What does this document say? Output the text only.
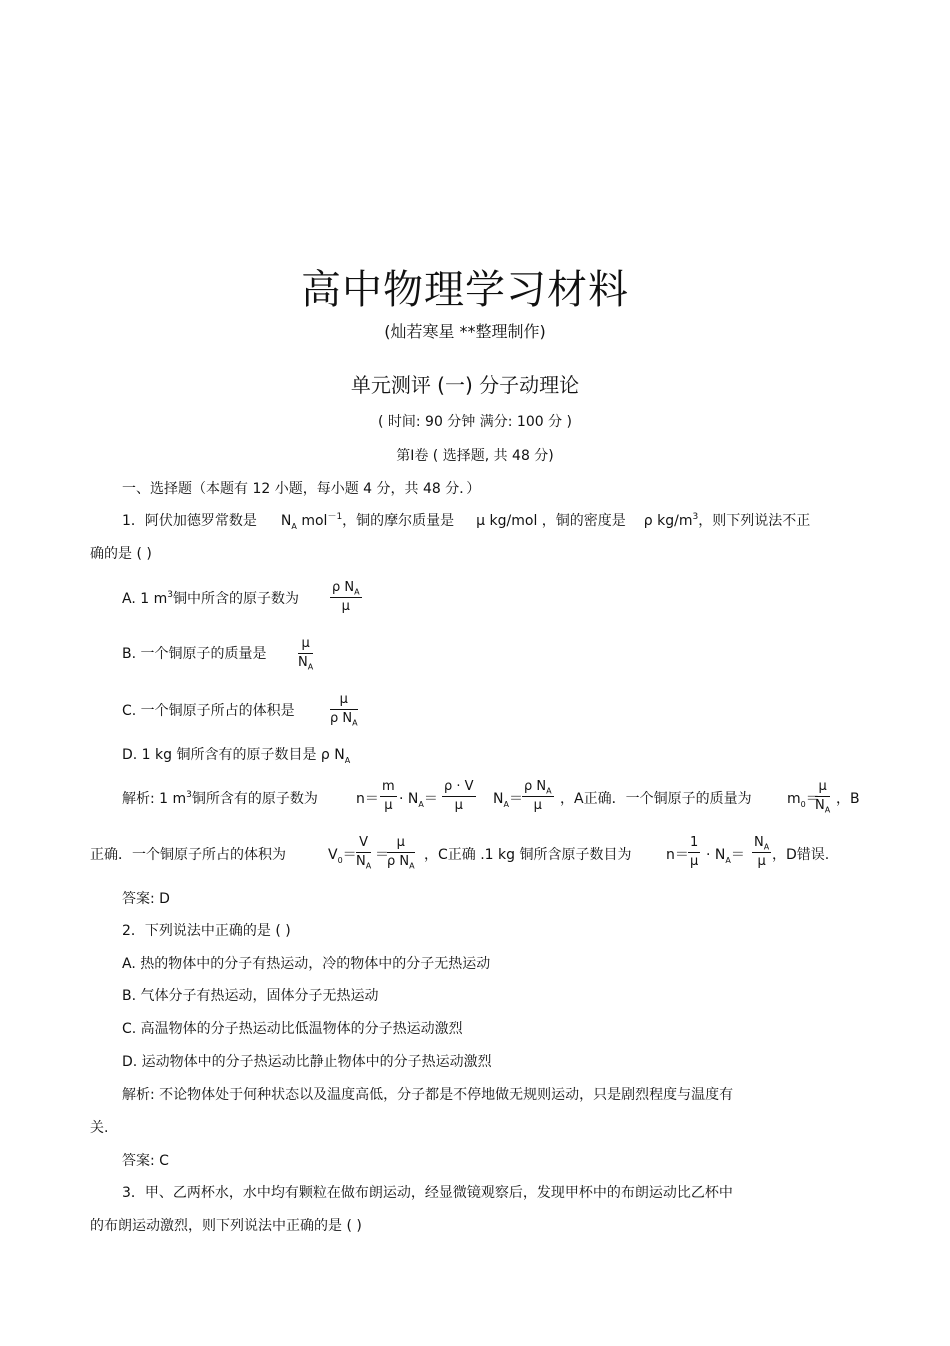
高中物理学习材料
(灿若寒星 **整理制作)
单元测评 (一) 分子动理论
( 时间: 90 分钟 满分: 100 分 )
第Ⅰ卷 ( 选择题, 共 48 分)
一、选择题（本题有 12 小题，每小题 4 分，共 48 分．）
1．阿伏加德罗常数是 $N_A$ mol$^{-1}$，铜的摩尔质量是 μ kg/mol ，铜的密度是 ρ $kg/m^3$，则下列说法不正
确的是 ( )
A. 1 $m^3$铜中所含的原子数为 $\frac{\rho N_A}{\mu}$
B. 一个铜原子的质量是 $\frac{\mu}{N_A}$
C. 一个铜原子所占的体积是	$\frac{\mu}{\rho N_A}$
D. 1 kg 铜所含有的原子数目是 ρ $N_A$
解析: 1 $m^3$铜所含有的原子数为	$n= \frac{m}{\mu} \cdot N_A= \frac{\rho \cdot V}{\mu} N_A= \frac{\rho N_A}{\mu}$ ，A正确．一个铜原子的质量为	$m_0=$
$\frac{\mu}{N_A}$ ，B
正确．一个铜原子所占的体积为	$V_0= \frac{V}{N_A}$ ＝
$\frac{\mu}{\rho N_A}$ ，C正确 .1 kg 铜所含原子数目为 $n= \frac{1}{\mu} \cdot N_A= \frac{N_A}{\mu}$ ，D错误.
答案: D
2．下列说法中正确的是 ( )
A. 热的物体中的分子有热运动，冷的物体中的分子无热运动
B. 气体分子有热运动，固体分子无热运动
C. 高温物体的分子热运动比低温物体的分子热运动激烈
D. 运动物体中的分子热运动比静止物体中的分子热运动激烈
解析: 不论物体处于何种状态以及温度高低，分子都是不停地做无规则运动，只是剧烈程度与温度有
关.
答案: C
3．甲、乙两杯水，水中均有颗粒在做布朗运动，经显微镜观察后，发现甲杯中的布朗运动比乙杯中
的布朗运动激烈，则下列说法中正确的是 ( )
